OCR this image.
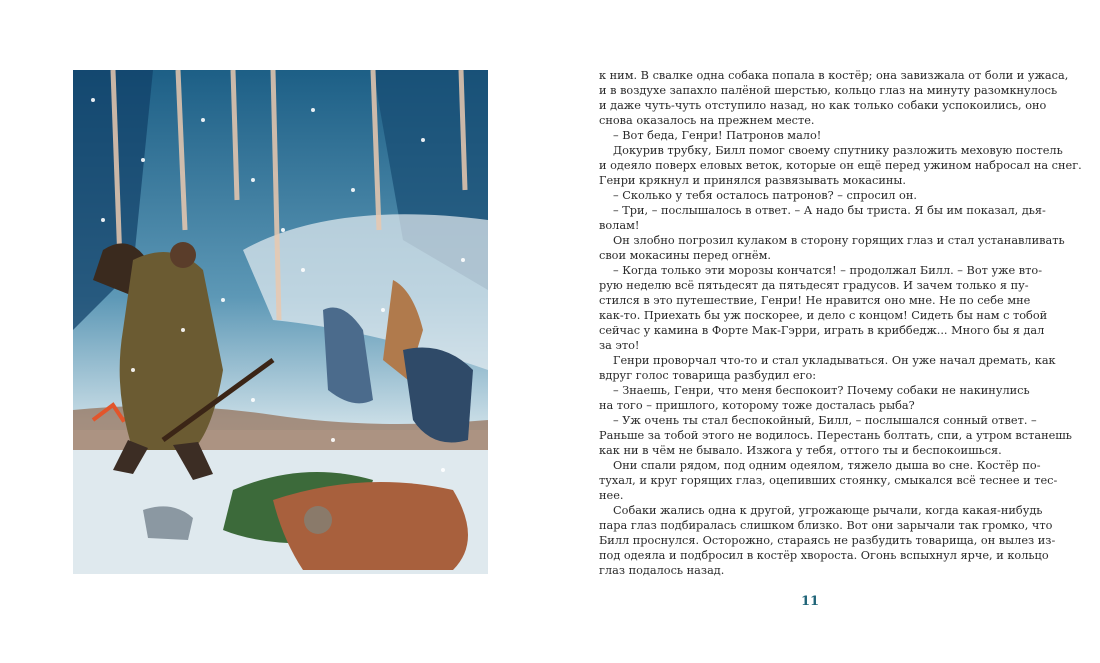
к ним. В свалке одна собака попала в костёр; она завизжала от боли и ужаса,
и в воздухе запахло палёной шерстью, кольцо глаз на минуту разомкнулось
и даже чуть-чуть отступило назад, но как только собаки успокоились, оно
снова оказалось на прежнем месте.
– Вот беда, Генри! Патронов мало!
Докурив трубку, Билл помог своему спутнику разложить меховую постель
и одеяло поверх еловых веток, которые он ещё перед ужином набросал на снег.
Генри крякнул и принялся развязывать мокасины.
– Сколько у тебя осталось патронов? – спросил он.
– Три, – послышалось в ответ. – А надо бы триста. Я бы им показал, дья-
волам!
Он злобно погрозил кулаком в сторону горящих глаз и стал устанавливать
свои мокасины перед огнём.
– Когда только эти морозы кончатся! – продолжал Билл. – Вот уже вто-
рую неделю всё пятьдесят да пятьдесят градусов. И зачем только я пу-
стился в это путешествие, Генри! Не нравится оно мне. Не по себе мне
как-то. Приехать бы уж поскорее, и дело с концом! Сидеть бы нам с тобой
сейчас у камина в Форте Мак-Гэрри, играть в криббедж... Много бы я дал
за это!
Генри проворчал что-то и стал укладываться. Он уже начал дремать, как
вдруг голос товарища разбудил его:
– Знаешь, Генри, что меня беспокоит? Почему собаки не накинулись
на того – пришлого, которому тоже досталась рыба?
– Уж очень ты стал беспокойный, Билл, – послышался сонный ответ. –
Раньше за тобой этого не водилось. Перестань болтать, спи, а утром встанешь
как ни в чём не бывало. Изжога у тебя, оттого ты и беспокоишься.
Они спали рядом, под одним одеялом, тяжело дыша во сне. Костёр по-
тухал, и круг горящих глаз, оцепивших стоянку, смыкался всё теснее и тес-
нее.
Собаки жались одна к другой, угрожающе рычали, когда какая-нибудь
пара глаз подбиралась слишком близко. Вот они зарычали так громко, что
Билл проснулся. Осторожно, стараясь не разбудить товарища, он вылез из-
под одеяла и подбросил в костёр хвороста. Огонь вспыхнул ярче, и кольцо
глаз подалось назад.
11
